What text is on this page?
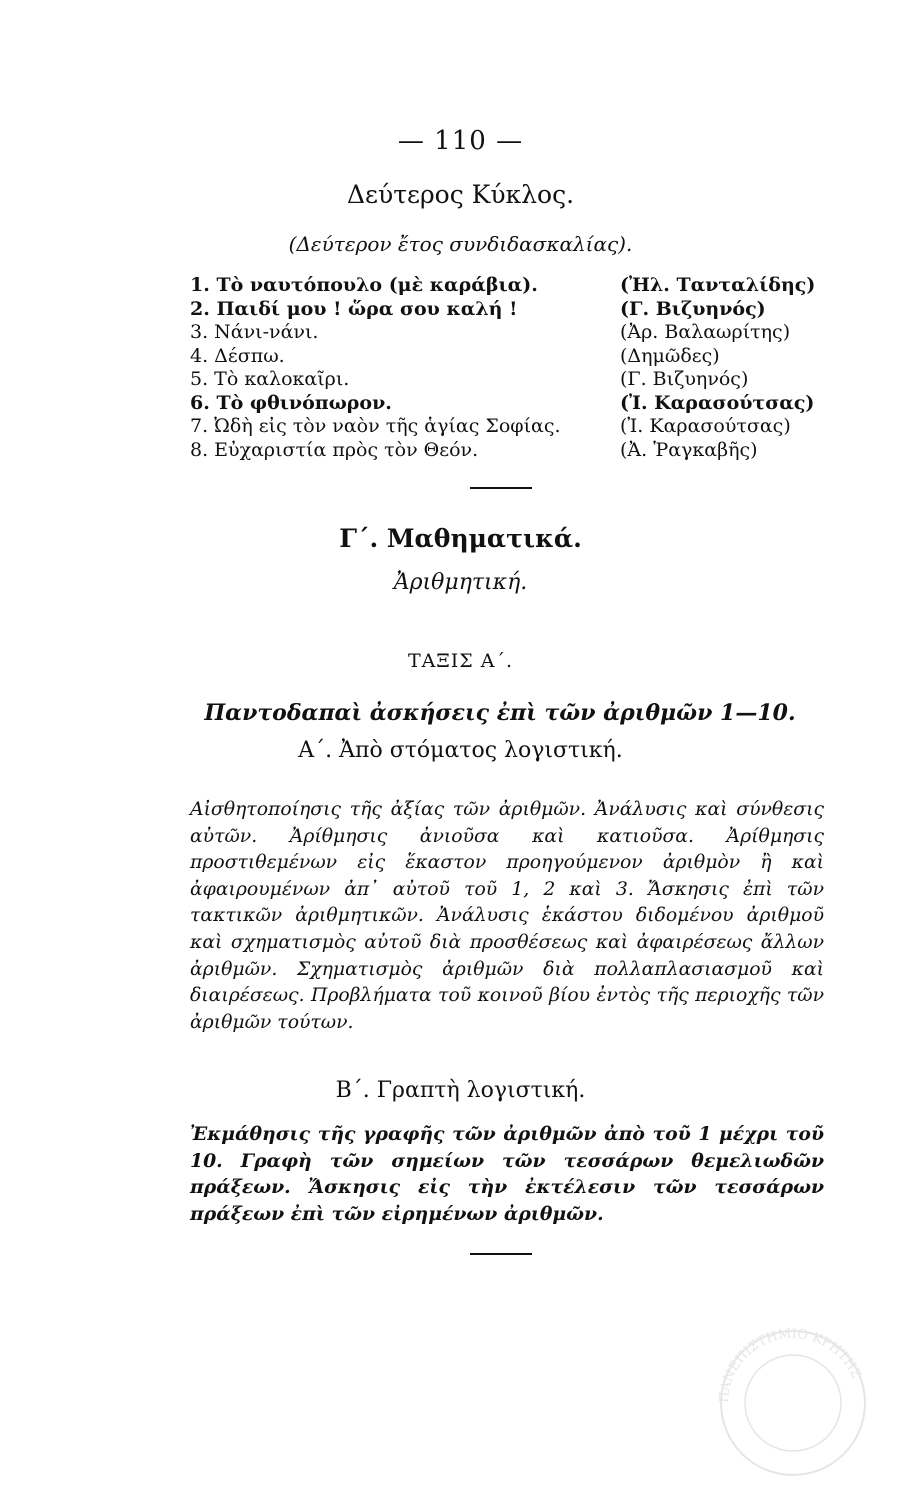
— 110 —
Δεύτερος Κύκλος.
(Δεύτερον ἔτος συνδιδασκαλίας).
1. Τὸ ναυτόπουλο (μὲ καράβια).	(Ἠλ. Τανταλίδης)
2. Παιδί μου ! ὥρα σου καλή !	(Γ. Βιζυηνός)
3. Νάνι-νάνι.	(Ἀρ. Βαλαωρίτης)
4. Δέσπω.	(Δημῶδες)
5. Τὸ καλοκαῖρι.	(Γ. Βιζυηνός)
6. Τὸ φθινόπωρον.	(Ἰ. Καρασούτσας)
7. Ὠδὴ εἰς τὸν ναὸν τῆς ἁγίας Σοφίας.	(Ἰ. Καρασούτσας)
8. Εὐχαριστία πρὸς τὸν Θεόν.	(Ἀ. Ῥαγκαβῆς)
Γ΄. Μαθηματικά.
Ἀριθμητική.
ΤΑΞΙΣ Α΄.
Παντοδαπαὶ ἀσκήσεις ἐπὶ τῶν ἀριθμῶν 1—10.
Α΄. Ἀπὸ στόματος λογιστική.
Αἰσθητοποίησις τῆς ἀξίας τῶν ἀριθμῶν. Ἀνάλυσις καὶ σύνθεσις αὐτῶν. Ἀρίθμησις ἀνιοῦσα καὶ κατιοῦσα. Ἀρίθμησις προστιθεμένων εἰς ἕκαστον προηγούμενον ἀριθμὸν ἢ καὶ ἀφαιρουμένων ἀπ᾽ αὐτοῦ τοῦ 1, 2 καὶ 3. Ἄσκησις ἐπὶ τῶν τακτικῶν ἀριθμητικῶν. Ἀνάλυσις ἑκάστου διδομένου ἀριθμοῦ καὶ σχηματισμὸς αὐτοῦ διὰ προσθέσεως καὶ ἀφαιρέσεως ἄλλων ἀριθμῶν. Σχηματισμὸς ἀριθμῶν διὰ πολλαπλασιασμοῦ καὶ διαιρέσεως. Προβλήματα τοῦ κοινοῦ βίου ἐντὸς τῆς περιοχῆς τῶν ἀριθμῶν τούτων.
Β΄. Γραπτὴ λογιστική.
Ἐκμάθησις τῆς γραφῆς τῶν ἀριθμῶν ἀπὸ τοῦ 1 μέχρι τοῦ 10. Γραφὴ τῶν σημείων τῶν τεσσάρων θεμελιωδῶν πράξεων. Ἄσκησις εἰς τὴν ἐκτέλεσιν τῶν τεσσάρων πράξεων ἐπὶ τῶν εἰρημένων ἀριθμῶν.
ΠΑΝΕΠΙΣΤΗΜΙΟ ΚΡΗΤΗΣ
